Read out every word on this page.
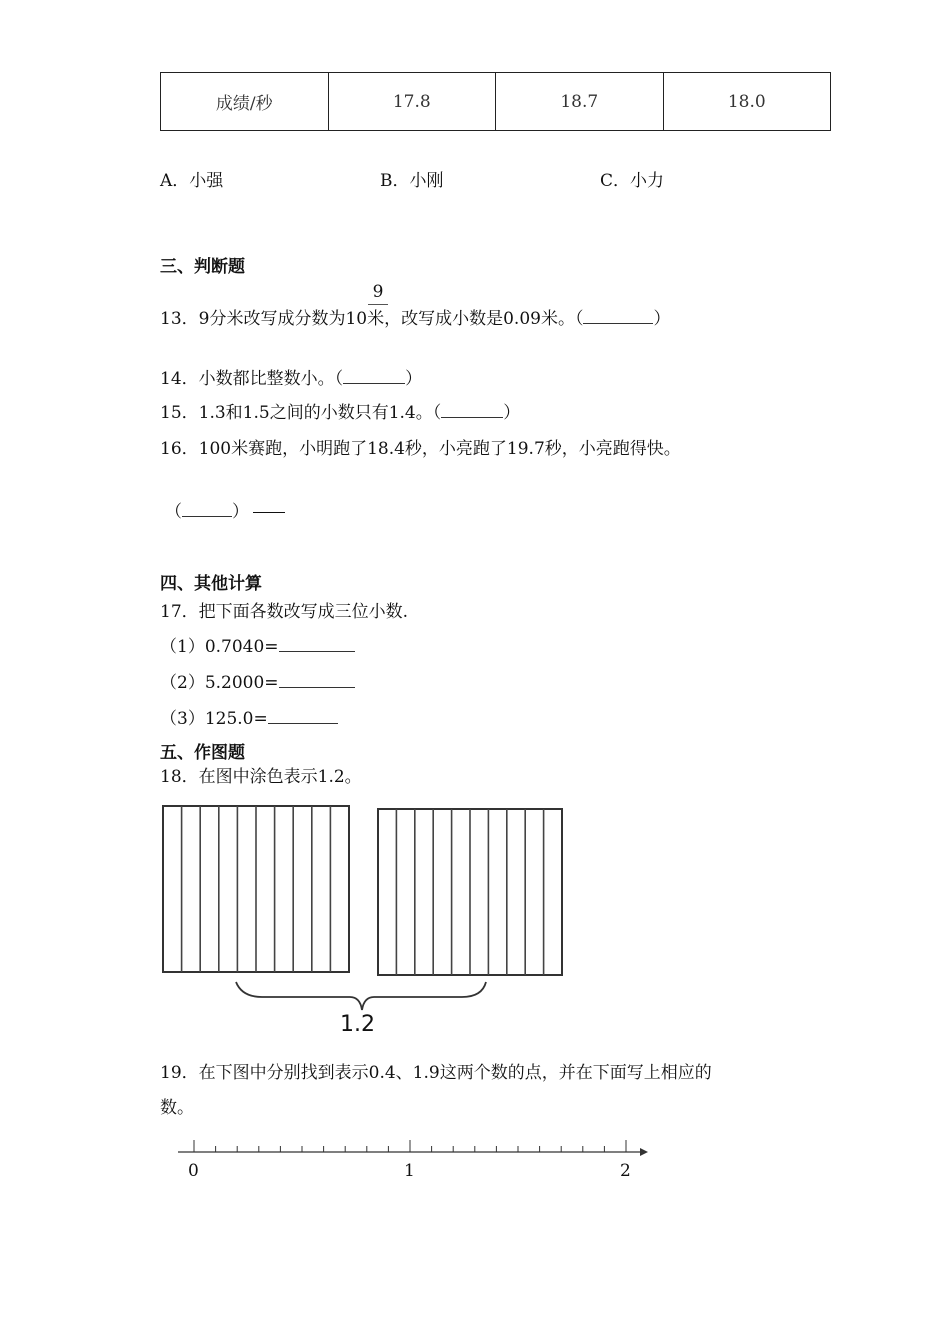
成绩/秒	17.8	18.7	18.0
A．小强	B．小刚	C．小力
三、判断题
9
13．9分米改写成分数为10米，改写成小数是0.09米。（	）
14．小数都比整数小。（	）
15．1.3和1.5之间的小数只有1.4。（	）
16．100米赛跑，小明跑了18.4秒，小亮跑了19.7秒，小亮跑得快。
（	）
四、其他计算
17．把下面各数改写成三位小数.
（1）0.7040=
（2）5.2000=
（3）125.0=
五、作图题
18．在图中涂色表示1.2。
1.2
19．在下图中分别找到表示0.4、1.9这两个数的点，并在下面写上相应的
数。
0	1	2
